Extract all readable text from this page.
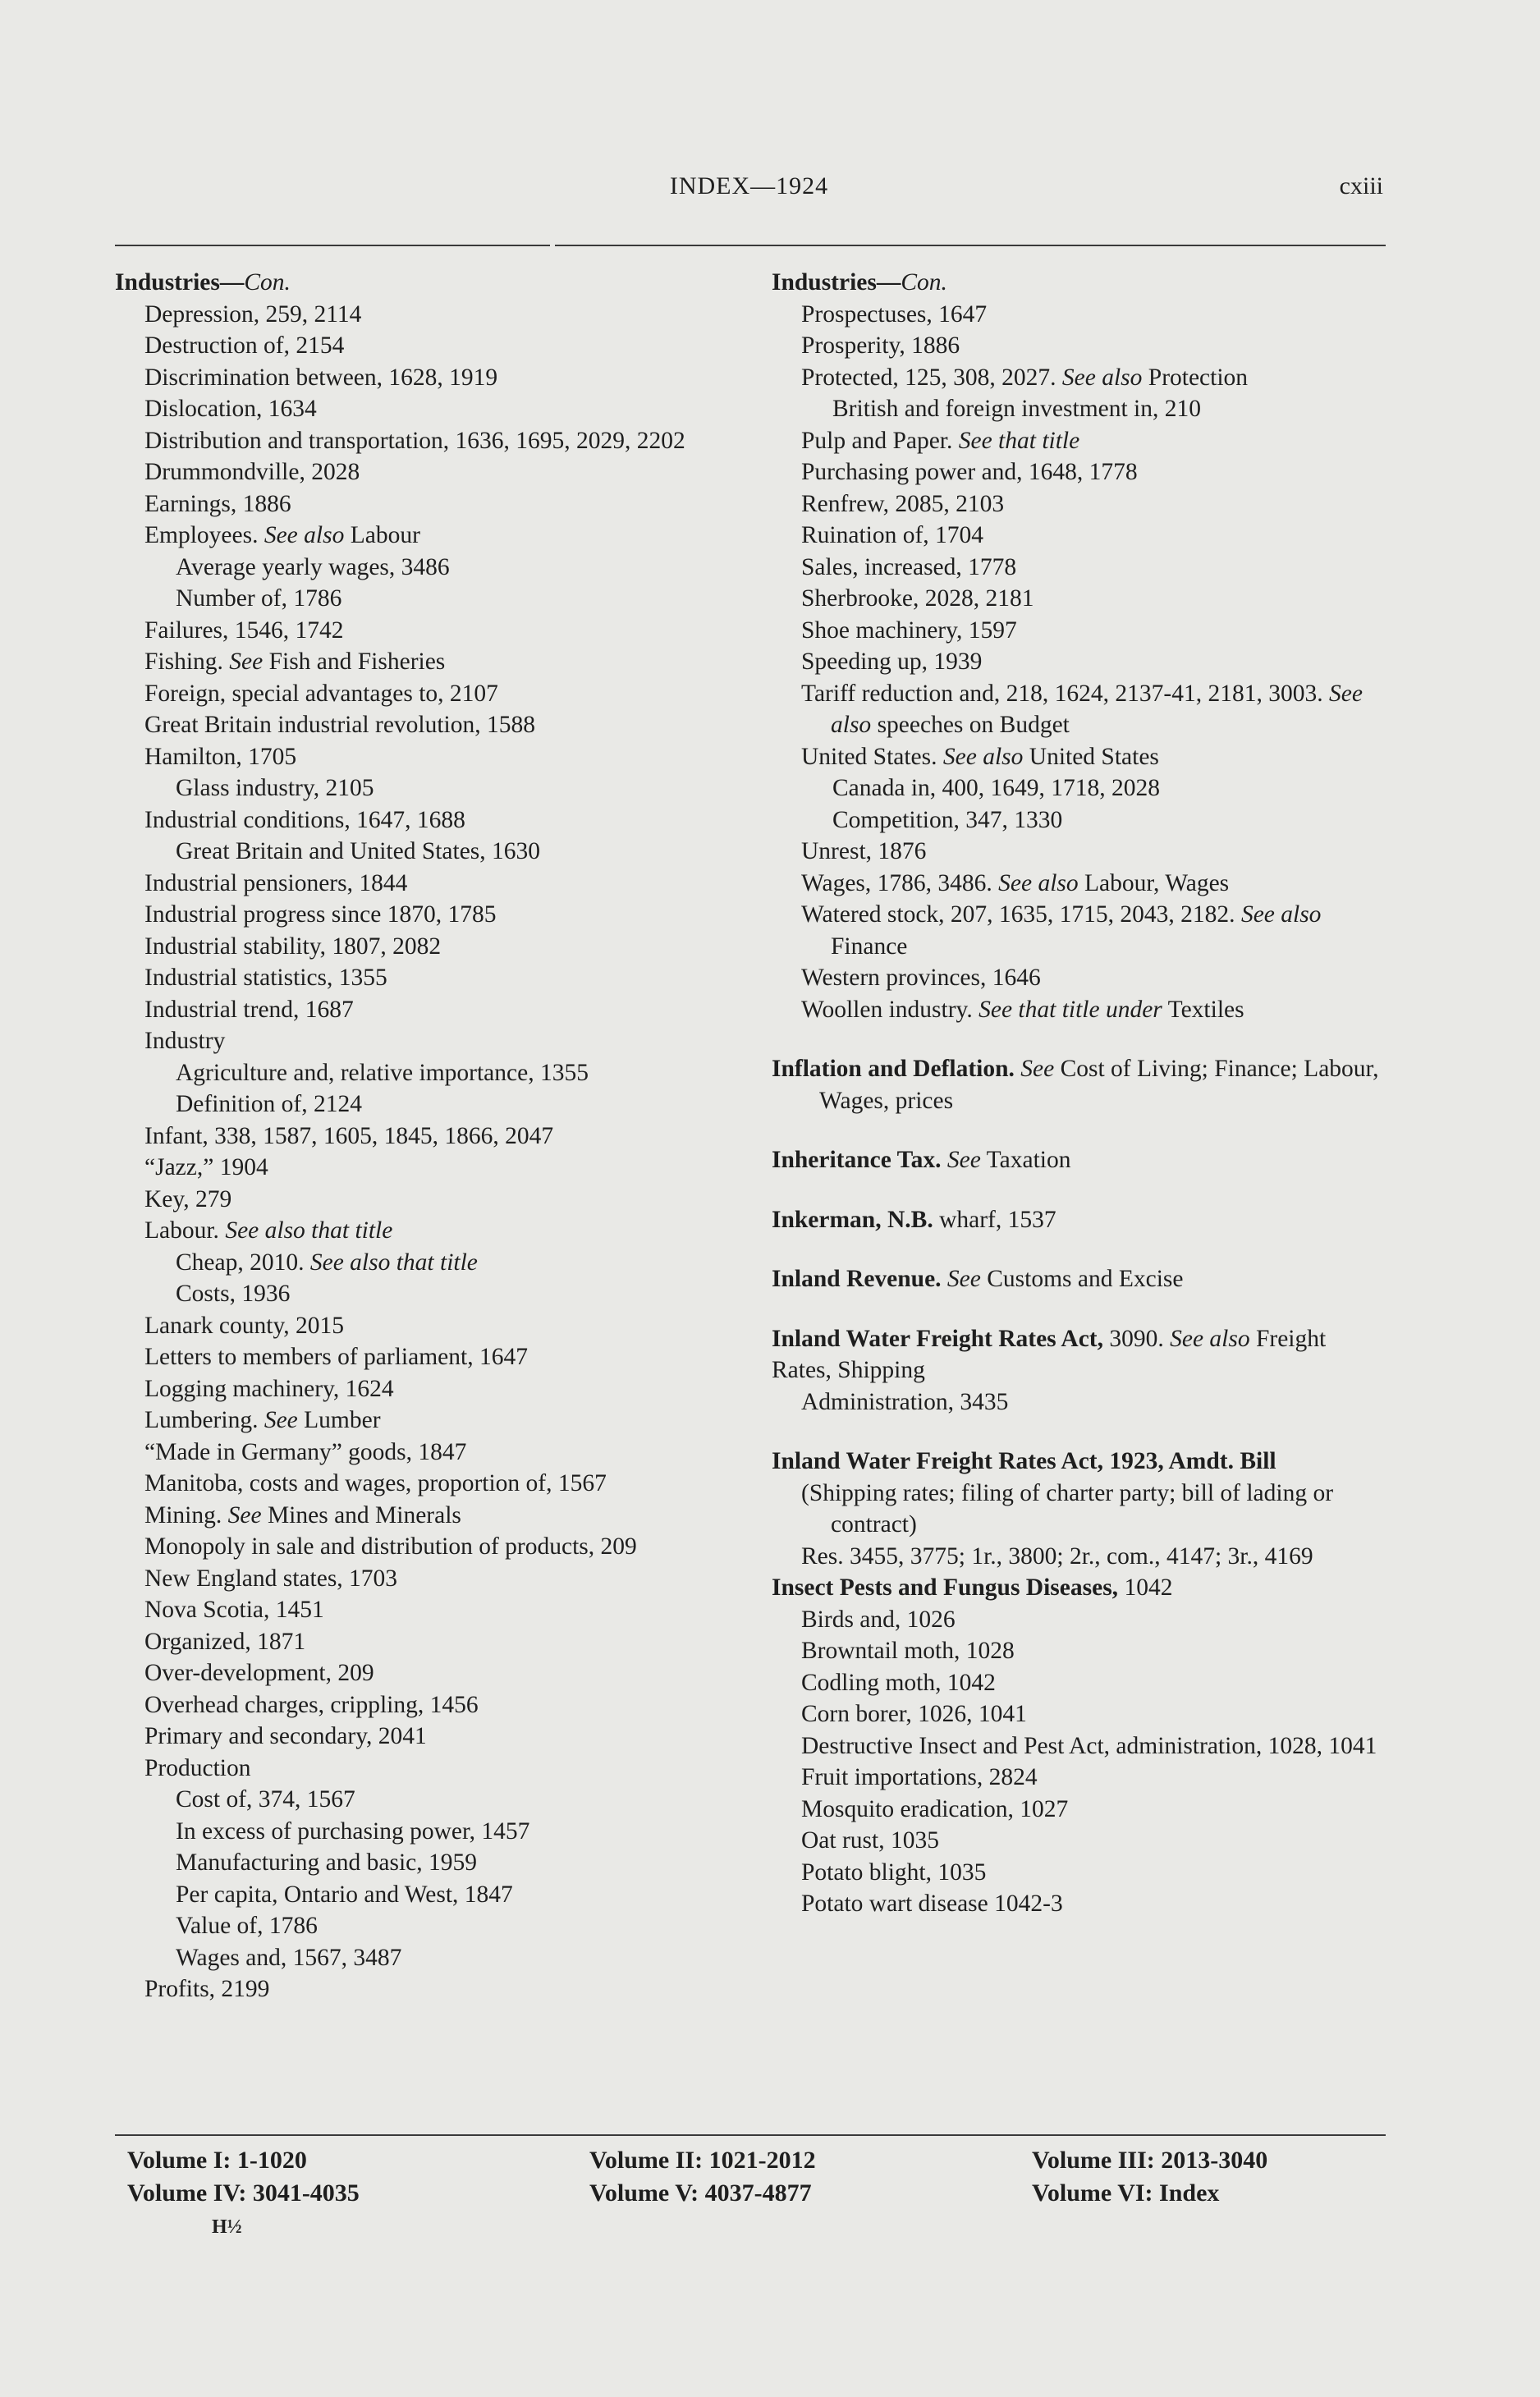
INDEX—1924	cxiii

Industries—Con.

Depression, 259, 2114

Destruction of, 2154

Discrimination between, 1628, 1919

Dislocation, 1634

Distribution and transportation, 1636, 1695, 2029, 2202

Drummondville, 2028

Earnings, 1886

Employees. See also Labour

Average yearly wages, 3486

Number of, 1786

Failures, 1546, 1742

Fishing. See Fish and Fisheries

Foreign, special advantages to, 2107

Great Britain industrial revolution, 1588

Hamilton, 1705

Glass industry, 2105

Industrial conditions, 1647, 1688

Great Britain and United States, 1630

Industrial pensioners, 1844

Industrial progress since 1870, 1785

Industrial stability, 1807, 2082

Industrial statistics, 1355

Industrial trend, 1687

Industry

Agriculture and, relative importance, 1355

Definition of, 2124

Infant, 338, 1587, 1605, 1845, 1866, 2047

“Jazz,” 1904

Key, 279

Labour. See also that title

Cheap, 2010. See also that title

Costs, 1936

Lanark county, 2015

Letters to members of parliament, 1647

Logging machinery, 1624

Lumbering. See Lumber

“Made in Germany” goods, 1847

Manitoba, costs and wages, proportion of, 1567

Mining. See Mines and Minerals

Monopoly in sale and distribution of products, 209

New England states, 1703

Nova Scotia, 1451

Organized, 1871

Over-development, 209

Overhead charges, crippling, 1456

Primary and secondary, 2041

Production

Cost of, 374, 1567

In excess of purchasing power, 1457

Manufacturing and basic, 1959

Per capita, Ontario and West, 1847

Value of, 1786

Wages and, 1567, 3487

Profits, 2199

Industries—Con.

Prospectuses, 1647

Prosperity, 1886

Protected, 125, 308, 2027. See also Protection

British and foreign investment in, 210

Pulp and Paper. See that title

Purchasing power and, 1648, 1778

Renfrew, 2085, 2103

Ruination of, 1704

Sales, increased, 1778

Sherbrooke, 2028, 2181

Shoe machinery, 1597

Speeding up, 1939

Tariff reduction and, 218, 1624, 2137-41, 2181, 3003. See also speeches on Budget

United States. See also United States

Canada in, 400, 1649, 1718, 2028

Competition, 347, 1330

Unrest, 1876

Wages, 1786, 3486. See also Labour, Wages

Watered stock, 207, 1635, 1715, 2043, 2182. See also Finance

Western provinces, 1646

Woollen industry. See that title under Textiles

Inflation and Deflation. See Cost of Living; Finance; Labour, Wages, prices

Inheritance Tax. See Taxation

Inkerman, N.B. wharf, 1537

Inland Revenue. See Customs and Excise

Inland Water Freight Rates Act, 3090. See also Freight Rates, Shipping

Administration, 3435

Inland Water Freight Rates Act, 1923, Amdt. Bill

(Shipping rates; filing of charter party; bill of lading or contract)

Res. 3455, 3775; 1r., 3800; 2r., com., 4147; 3r., 4169

Insect Pests and Fungus Diseases, 1042

Birds and, 1026

Browntail moth, 1028

Codling moth, 1042

Corn borer, 1026, 1041

Destructive Insect and Pest Act, administration, 1028, 1041

Fruit importations, 2824

Mosquito eradication, 1027

Oat rust, 1035

Potato blight, 1035

Potato wart disease 1042-3

Volume I: 1-1020	Volume II: 1021-2012	Volume III: 2013-3040
Volume IV: 3041-4035	Volume V: 4037-4877	Volume VI: Index
H½
